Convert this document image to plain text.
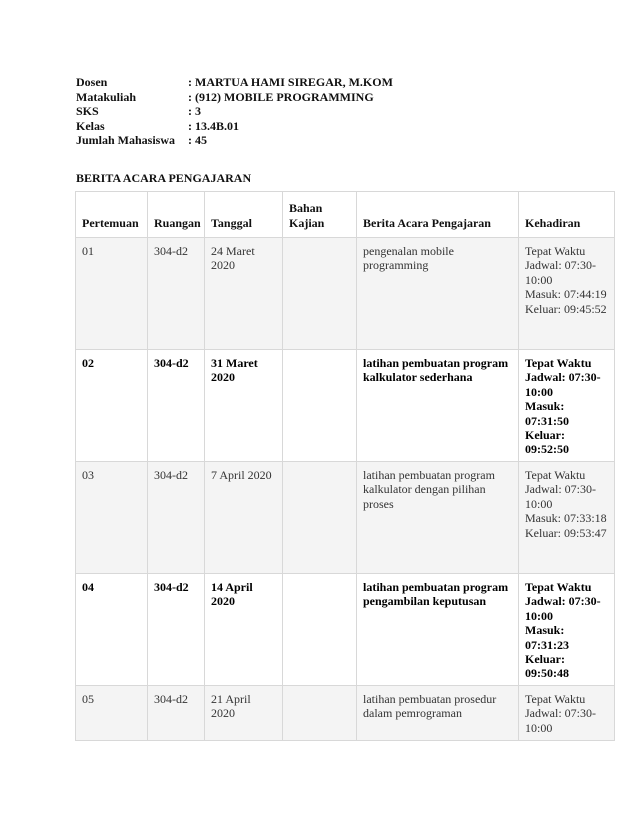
Dosen	: MARTUA HAMI SIREGAR, M.KOM
Matakuliah	: (912) MOBILE PROGRAMMING
SKS	: 3
Kelas	: 13.4B.01
Jumlah Mahasiswa	: 45
BERITA ACARA PENGAJARAN
Pertemuan	Ruangan	Tanggal	Bahan Kajian	Berita Acara Pengajaran	Kehadiran
01	304-d2	24 Maret 2020		pengenalan mobile programming	Tepat Waktu
Jadwal: 07:30-10:00
Masuk: 07:44:19
Keluar: 09:45:52

02	304-d2	31 Maret 2020		latihan pembuatan program kalkulator sederhana	Tepat Waktu
Jadwal: 07:30-10:00
Masuk: 07:31:50
Keluar: 09:52:50

03	304-d2	7 April 2020		latihan pembuatan program kalkulator dengan pilihan proses	Tepat Waktu
Jadwal: 07:30-10:00
Masuk: 07:33:18
Keluar: 09:53:47

04	304-d2	14 April 2020		latihan pembuatan program pengambilan keputusan	Tepat Waktu
Jadwal: 07:30-10:00
Masuk: 07:31:23
Keluar: 09:50:48

05	304-d2	21 April 2020		latihan pembuatan prosedur dalam pemrograman	Tepat Waktu
Jadwal: 07:30-10:00
